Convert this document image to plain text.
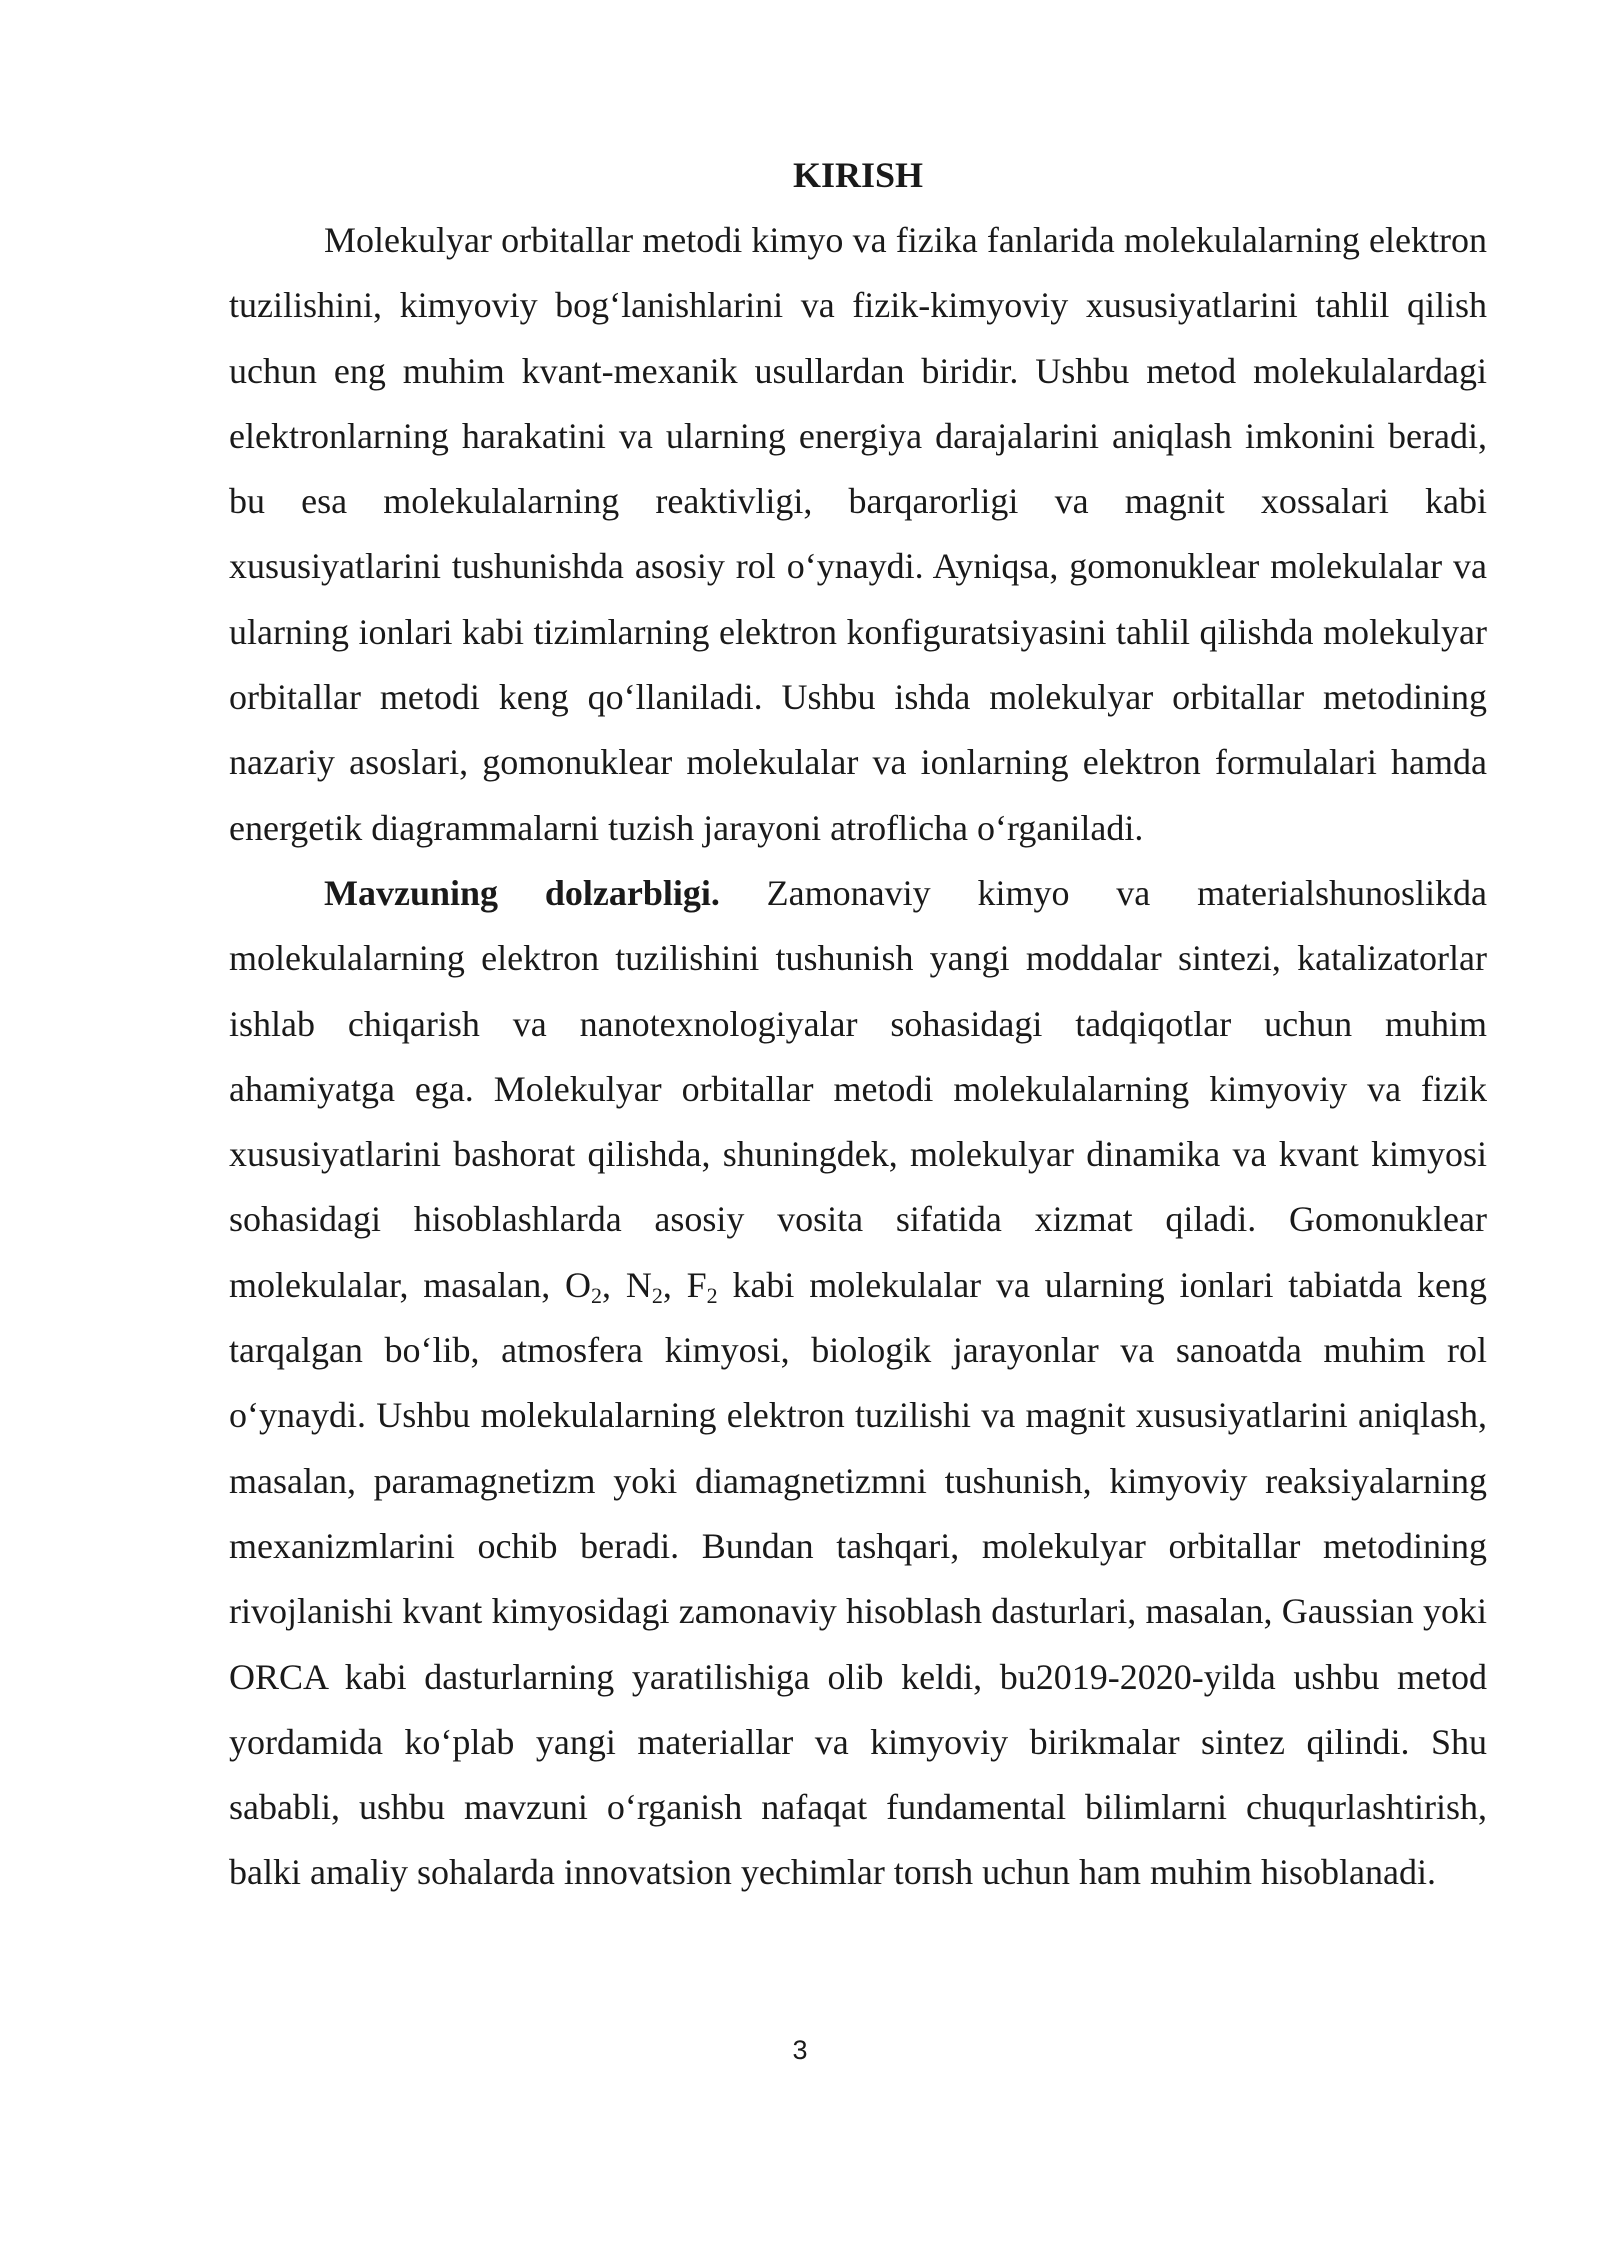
KIRISH

Molekulyar orbitallar metodi kimyo va fizika fanlarida molekulalarning elektron tuzilishini, kimyoviy bog‘lanishlarini va fizik-kimyoviy xususiyatlarini tahlil qilish uchun eng muhim kvant-mexanik usullardan biridir. Ushbu metod molekulalardagi elektronlarning harakatini va ularning energiya darajalarini aniqlash imkonini beradi, bu esa molekulalarning reaktivligi, barqarorligi va magnit xossalari kabi xususiyatlarini tushunishda asosiy rol o‘ynaydi. Ayniqsa, gomonuklear molekulalar va ularning ionlari kabi tizimlarning elektron konfiguratsiyasini tahlil qilishda molekulyar orbitallar metodi keng qo‘llaniladi. Ushbu ishda molekulyar orbitallar metodining nazariy asoslari, gomonuklear molekulalar va ionlarning elektron formulalari hamda energetik diagrammalarni tuzish jarayoni atroflicha o‘rganiladi.

Mavzuning dolzarbligi. Zamonaviy kimyo va materialshunoslikda molekulalarning elektron tuzilishini tushunish yangi moddalar sintezi, katalizatorlar ishlab chiqarish va nanotexnologiyalar sohasidagi tadqiqotlar uchun muhim ahamiyatga ega. Molekulyar orbitallar metodi molekulalarning kimyoviy va fizik xususiyatlarini bashorat qilishda, shuningdek, molekulyar dinamika va kvant kimyosi sohasidagi hisoblashlarda asosiy vosita sifatida xizmat qiladi. Gomonuklear molekulalar, masalan, $O_2$, $N_2$, $F_2$ kabi molekulalar va ularning ionlari tabiatda keng tarqalgan bo‘lib, atmosfera kimyosi, biologik jarayonlar va sanoatda muhim rol o‘ynaydi. Ushbu molekulalarning elektron tuzilishi va magnit xususiyatlarini aniqlash, masalan, paramagnetizm yoki diamagnetizmni tushunish, kimyoviy reaksiyalarning mexanizmlarini ochib beradi. Bundan tashqari, molekulyar orbitallar metodining rivojlanishi kvant kimyosidagi zamonaviy hisoblash dasturlari, masalan, Gaussian yoki ORCA kabi dasturlarning yaratilishiga olib keldi, bu2019-2020-yilda ushbu metod yordamida ko‘plab yangi materiallar va kimyoviy birikmalar sintez qilindi. Shu sababli, ushbu mavzuni o‘rganish nafaqat fundamental bilimlarni chuqurlashtirish, balki amaliy sohalarda innovatsion yechimlar toпsh uchun ham muhim hisoblanadi.

3
